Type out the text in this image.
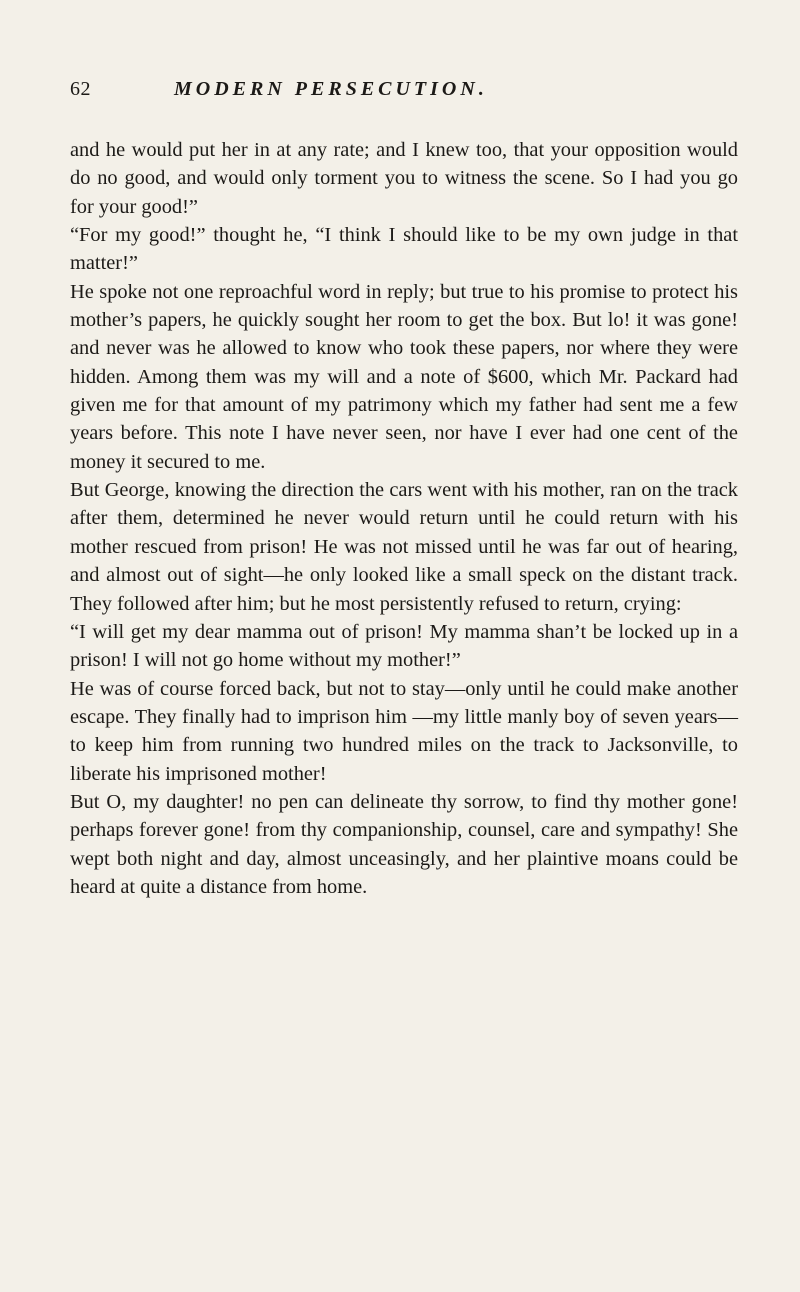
62	MODERN PERSECUTION.

and he would put her in at any rate; and I knew too, that your opposition would do no good, and would only torment you to witness the scene. So I had you go for your good!”

“For my good!” thought he, “I think I should like to be my own judge in that matter!”

He spoke not one reproachful word in reply; but true to his promise to protect his mother’s papers, he quickly sought her room to get the box. But lo! it was gone! and never was he allowed to know who took these papers, nor where they were hidden. Among them was my will and a note of $600, which Mr. Packard had given me for that amount of my patrimony which my father had sent me a few years before. This note I have never seen, nor have I ever had one cent of the money it secured to me.

But George, knowing the direction the cars went with his mother, ran on the track after them, determined he never would return until he could return with his mother rescued from prison! He was not missed until he was far out of hearing, and almost out of sight—he only looked like a small speck on the distant track. They followed after him; but he most persistently refused to return, crying:

“I will get my dear mamma out of prison! My mamma shan’t be locked up in a prison! I will not go home without my mother!”

He was of course forced back, but not to stay—only until he could make another escape. They finally had to imprison him —my little manly boy of seven years—to keep him from running two hundred miles on the track to Jacksonville, to liberate his imprisoned mother!

But O, my daughter! no pen can delineate thy sorrow, to find thy mother gone! perhaps forever gone! from thy companionship, counsel, care and sympathy! She wept both night and day, almost unceasingly, and her plaintive moans could be heard at quite a distance from home.
